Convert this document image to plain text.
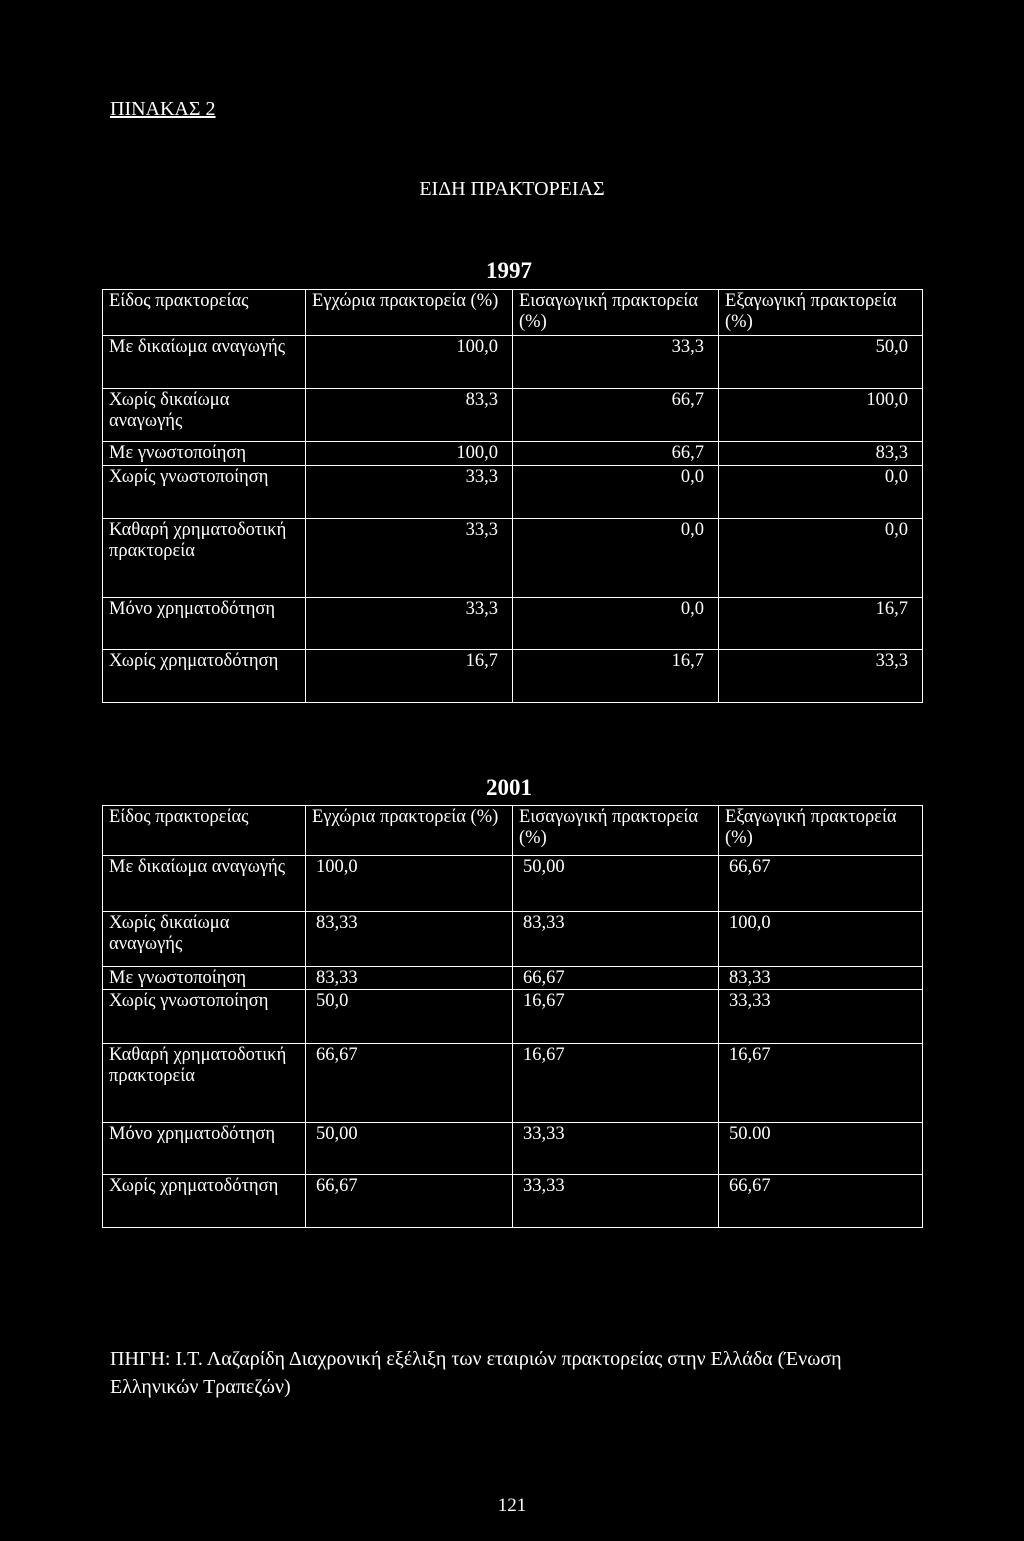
ΠΙΝΑΚΑΣ 2
ΕΙΔΗ ΠΡΑΚΤΟΡΕΙΑΣ
1997
Είδος πρακτορείας	Εγχώρια πρακτορεία (%)	Εισαγωγική πρακτορεία (%)	Εξαγωγική πρακτορεία (%)
Με δικαίωμα αναγωγής	100,0	33,3	50,0
Χωρίς δικαίωμα αναγωγής	83,3	66,7	100,0
Με γνωστοποίηση	100,0	66,7	83,3
Χωρίς γνωστοποίηση	33,3	0,0	0,0
Καθαρή χρηματοδοτική πρακτορεία	33,3	0,0	0,0
Μόνο χρηματοδότηση	33,3	0,0	16,7
Χωρίς χρηματοδότηση	16,7	16,7	33,3
2001
Είδος πρακτορείας	Εγχώρια πρακτορεία (%)	Εισαγωγική πρακτορεία (%)	Εξαγωγική πρακτορεία (%)
Με δικαίωμα αναγωγής	100,0	50,00	66,67
Χωρίς δικαίωμα αναγωγής	83,33	83,33	100,0
Με γνωστοποίηση	83,33	66,67	83,33
Χωρίς γνωστοποίηση	50,0	16,67	33,33
Καθαρή χρηματοδοτική πρακτορεία	66,67	16,67	16,67
Μόνο χρηματοδότηση	50,00	33,33	50.00
Χωρίς χρηματοδότηση	66,67	33,33	66,67
ΠΗΓΗ: Ι.Τ. Λαζαρίδη Διαχρονική εξέλιξη των εταιριών πρακτορείας στην Ελλάδα (Ένωση Ελληνικών Τραπεζών)
121
